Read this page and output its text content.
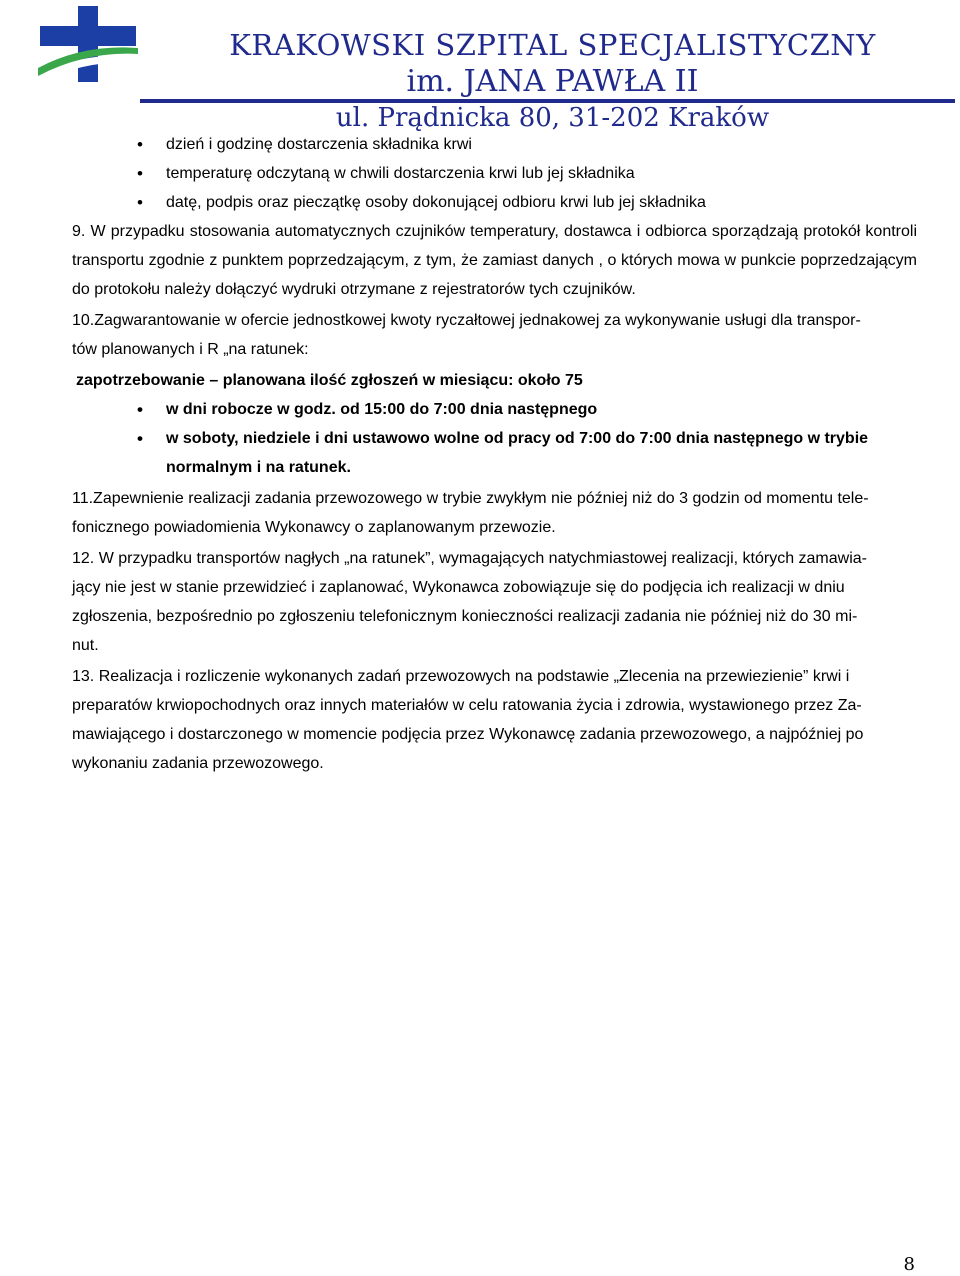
KRAKOWSKI SZPITAL SPECJALISTYCZNY
im. JANA PAWŁA II
ul. Prądnicka 80, 31-202 Kraków
• dzień i godzinę dostarczenia składnika krwi
• temperaturę odczytaną w chwili dostarczenia krwi lub jej składnika
• datę, podpis oraz pieczątkę osoby dokonującej odbioru krwi lub jej składnika

9. W przypadku stosowania automatycznych czujników temperatury, dostawca i odbiorca sporządzają protokół kontroli transportu zgodnie z punktem poprzedzającym, z tym, że zamiast danych , o których mowa w punkcie poprzedzającym do protokołu należy dołączyć wydruki otrzymane z rejestratorów tych czujników.

10.Zagwarantowanie w ofercie jednostkowej kwoty ryczałtowej jednakowej za wykonywanie usługi dla transpor-
tów planowanych i R „na ratunek:

zapotrzebowanie – planowana ilość zgłoszeń w miesiącu: około 75

• w dni robocze w godz. od 15:00 do 7:00 dnia następnego
• w soboty, niedziele i dni ustawowo wolne od pracy od 7:00 do 7:00 dnia następnego w trybie normalnym i na ratunek.

11.Zapewnienie realizacji zadania przewozowego w trybie zwykłym nie później niż do 3 godzin od momentu tele-
fonicznego powiadomienia Wykonawcy o zaplanowanym przewozie.

12. W przypadku transportów nagłych „na ratunek”, wymagających natychmiastowej realizacji, których zamawia-
jący nie jest w stanie przewidzieć i zaplanować, Wykonawca zobowiązuje się do podjęcia ich realizacji w dniu
zgłoszenia, bezpośrednio po zgłoszeniu telefonicznym konieczności realizacji zadania nie później niż do 30 mi-
nut.

13. Realizacja i rozliczenie wykonanych zadań przewozowych na podstawie „Zlecenia na przewiezienie” krwi i
preparatów krwiopochodnych oraz innych materiałów w celu ratowania życia i zdrowia, wystawionego przez Za-
mawiającego i dostarczonego w momencie podjęcia przez Wykonawcę zadania przewozowego, a najpóźniej po
wykonaniu zadania przewozowego.

8
